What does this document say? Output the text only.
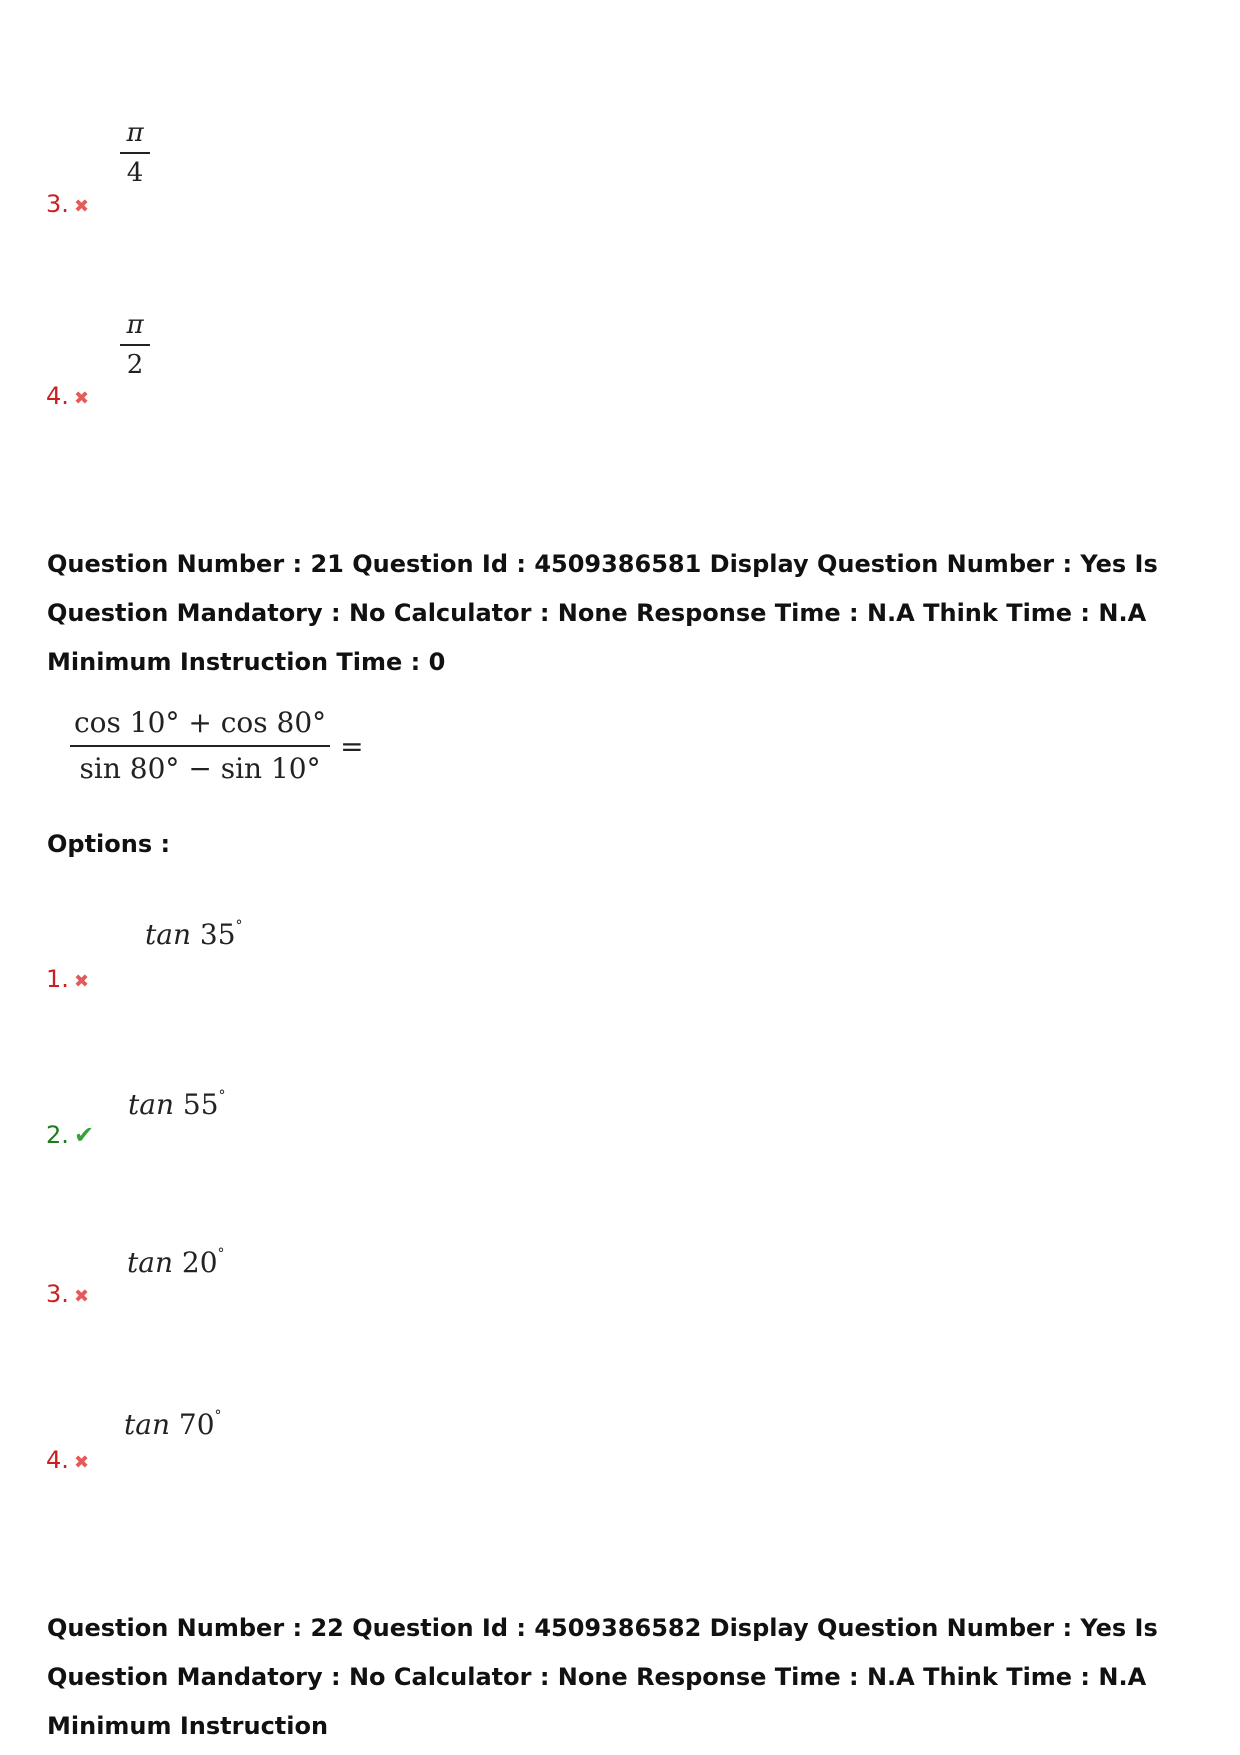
π
4
3. ✖
π
2
4. ✖
Question Number : 21 Question Id : 4509386581 Display Question Number : Yes Is Question Mandatory : No Calculator : None Response Time : N.A Think Time : N.A Minimum Instruction Time : 0
cos 10° + cos 80°
sin 80° − sin 10°
=
Options :
tan 35°
1. ✖
tan 55°
2. ✔
tan 20°
3. ✖
tan 70°
4. ✖
Question Number : 22 Question Id : 4509386582 Display Question Number : Yes Is Question Mandatory : No Calculator : None Response Time : N.A Think Time : N.A Minimum Instruction
